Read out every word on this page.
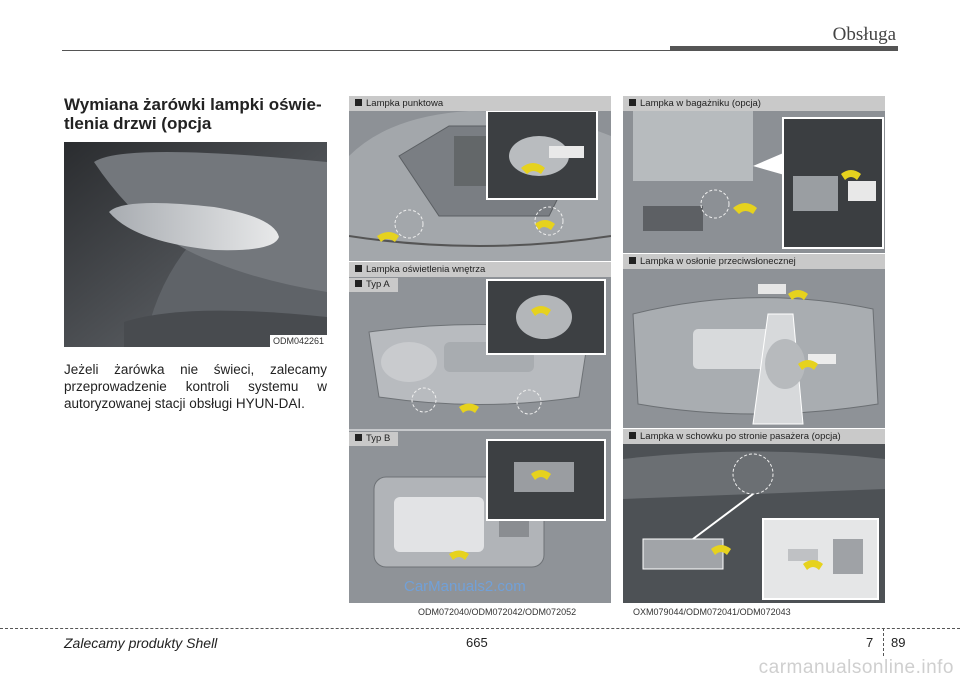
Obsługa
Wymiana żarówki lampki oświe-tlenia drzwi (opcja
ODM042261
Jeżeli żarówka nie świeci, zalecamy przeprowadzenie kontroli systemu w autoryzowanej stacji obsługi HYUN-DAI.
Lampka punktowa
Lampka oświetlenia wnętrza
Typ A
Typ B
CarManuals2.com
ODM072040/ODM072042/ODM072052
Lampka w bagażniku (opcja)
Lampka w osłonie przeciwsłonecznej
Lampka w schowku po stronie pasażera (opcja)
OXM079044/ODM072041/ODM072043
Zalecamy produkty Shell	665	7 89
carmanualsonline.info
